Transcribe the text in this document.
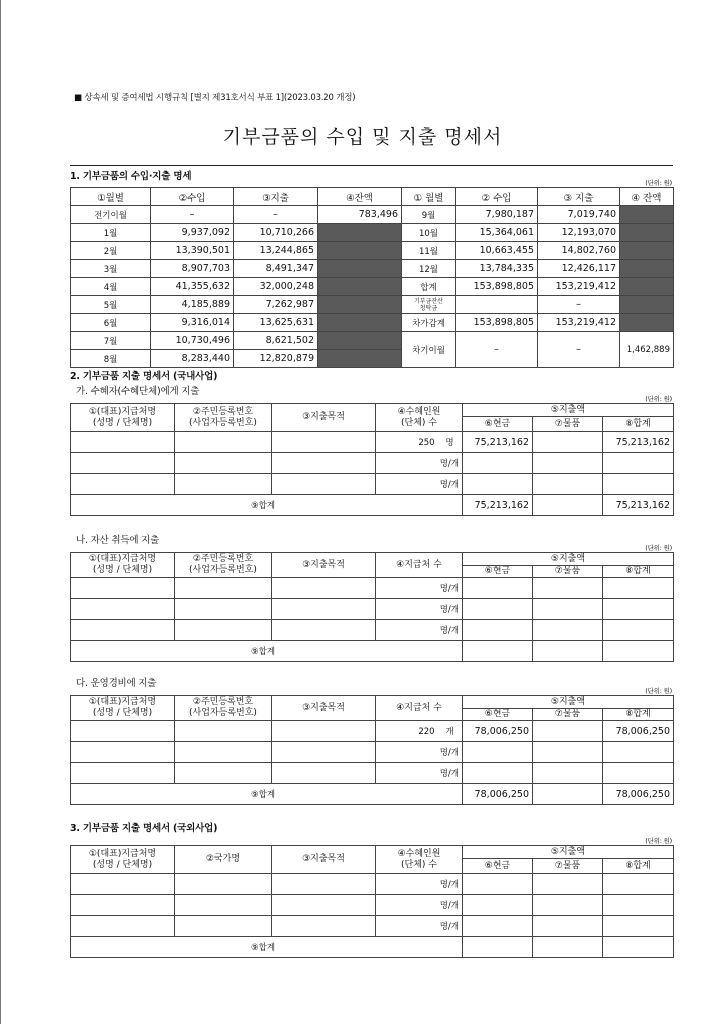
■ 상속세 및 증여세법 시행규칙 [별지 제31호서식 부표 1](2023.03.20 개정)
기부금품의 수입 및 지출 명세서
1. 기부금품의 수입·지출 명세
(단위: 원)
①월별	②수입	③지출	④잔액	① 월별	② 수입	③ 지출	④ 잔액
전기이월	–	–	783,496	9월	7,980,187	7,019,740	
1월	9,937,092	10,710,266		10월	15,364,061	12,193,070	
2월	13,390,501	13,244,865		11월	10,663,455	14,802,760	
3월	8,907,703	8,491,347		12월	13,784,335	12,426,117	
4월	41,355,632	32,000,248		합계	153,898,805	153,219,412	
5월	4,185,889	7,262,987		기부금잔산
청탁금		–	
6월	9,316,014	13,625,631		차가감계	153,898,805	153,219,412	
7월	10,730,496	8,621,502		차기이월	–	–	1,462,889
8월	8,283,440	12,820,879					
2. 기부금품 지출 명세서 (국내사업)
가. 수혜자(수혜단체)에게 지출
(단위: 원)
①(대표)지급처명
(성명 / 단체명)	②주민등록번호
(사업자등록번호)	③지출목적	④수혜인원
(단체) 수	⑤지출액		
				⑥현금	⑦물품	⑧합계
			250 명	75,213,162		75,213,162
			명/개			
			명/개			
⑨합계				75,213,162		75,213,162
나. 자산 취득에 지출
(단위: 원)
①(대표)지급처명
(성명 / 단체명)	②주민등록번호
(사업자등록번호)	③지출목적	④지급처 수	⑤지출액		
				⑥현금	⑦물품	⑧합계
			명/개			
			명/개			
			명/개			
⑨합계						
다. 운영경비에 지출
(단위: 원)
①(대표)지급처명
(성명 / 단체명)	②주민등록번호
(사업자등록번호)	③지출목적	④지급처 수	⑤지출액		
				⑥현금	⑦물품	⑧합계
			220 개	78,006,250		78,006,250
			명/개			
			명/개			
⑨합계				78,006,250		78,006,250
3. 기부금품 지출 명세서 (국외사업)
(단위: 원)
①(대표)지급처명
(성명 / 단체명)	②국가명	③지출목적	④수혜인원
(단체) 수	⑤지출액		
				⑥현금	⑦물품	⑧합계
			명/개			
			명/개			
			명/개			
⑨합계						
